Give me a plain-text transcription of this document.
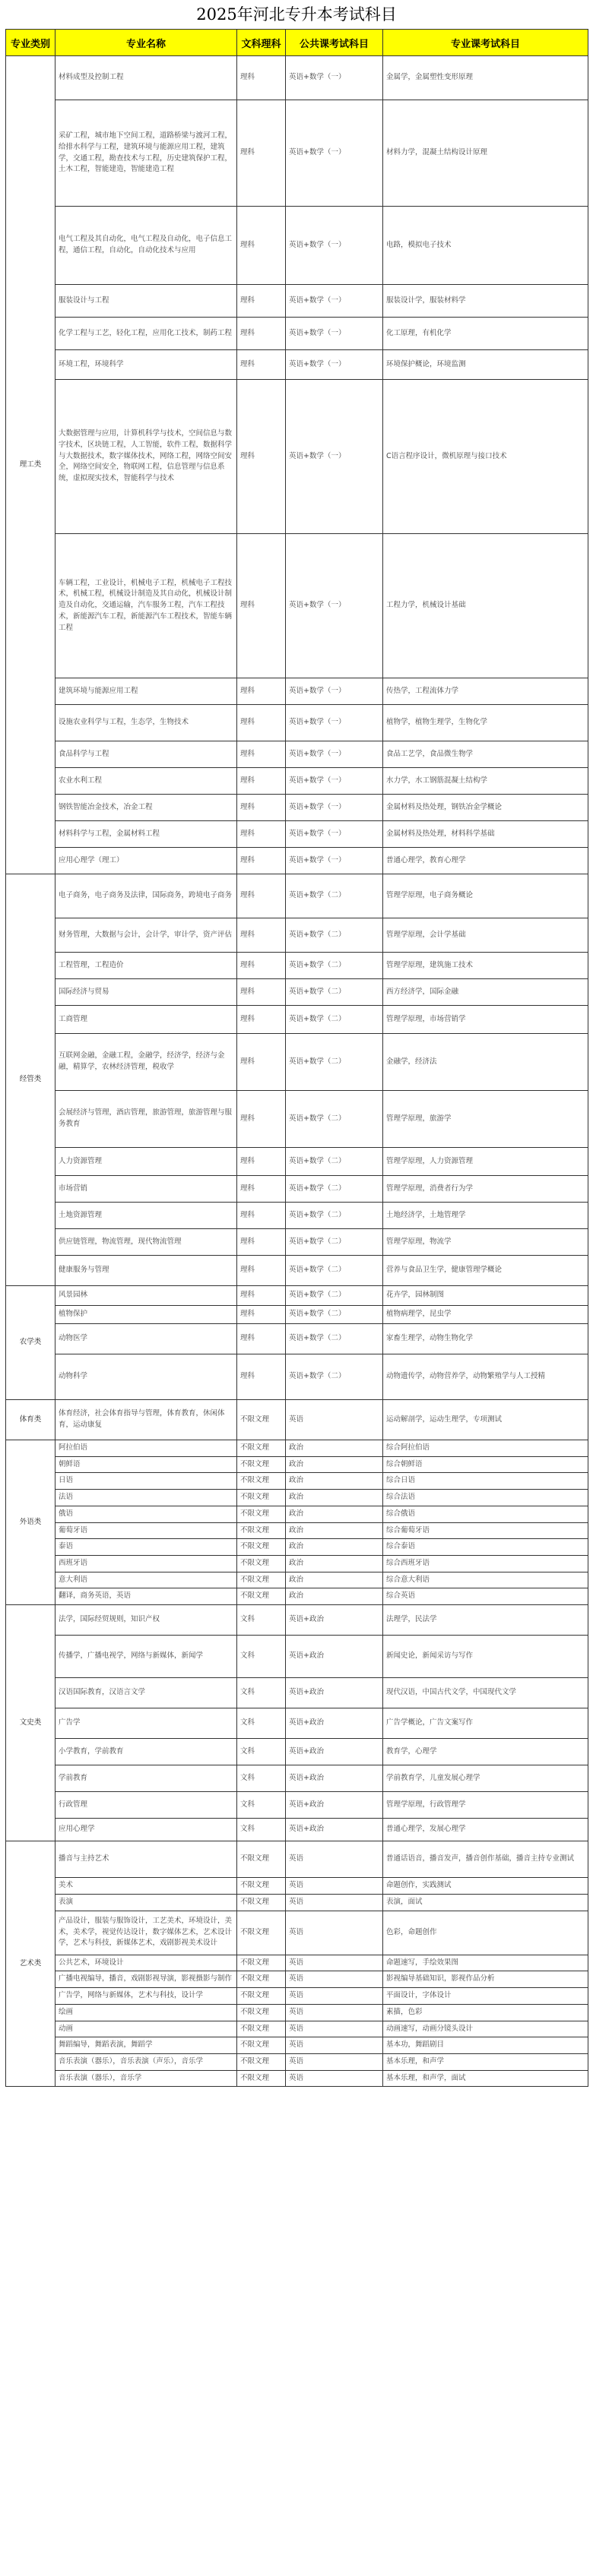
2025年河北专升本考试科目
专业类别	专业名称	文科理科	公共课考试科目	专业课考试科目
理工类	材料成型及控制工程	理科	英语+数学（一）	金属学，金属塑性变形原理
	采矿工程，城市地下空间工程，道路桥梁与渡河工程，给排水科学与工程，建筑环境与能源应用工程，建筑学，交通工程，勘查技术与工程，历史建筑保护工程，土木工程，智能建造，智能建造工程	理科	英语+数学（一）	材料力学，混凝土结构设计原理
	电气工程及其自动化，电气工程及自动化，电子信息工程，通信工程，自动化，自动化技术与应用	理科	英语+数学（一）	电路，模拟电子技术
	服装设计与工程	理科	英语+数学（一）	服装设计学，服装材料学
	化学工程与工艺，轻化工程，应用化工技术，制药工程	理科	英语+数学（一）	化工原理，有机化学
	环境工程，环境科学	理科	英语+数学（一）	环境保护概论，环境监测
	大数据管理与应用，计算机科学与技术，空间信息与数字技术，区块链工程，人工智能，软件工程，数据科学与大数据技术，数字媒体技术，网络工程，网络空间安全，网络空间安全，物联网工程，信息管理与信息系统，虚拟现实技术，智能科学与技术	理科	英语+数学（一）	C语言程序设计，微机原理与接口技术
	车辆工程，工业设计，机械电子工程，机械电子工程技术，机械工程，机械设计制造及其自动化，机械设计制造及自动化，交通运输，汽车服务工程，汽车工程技术，新能源汽车工程，新能源汽车工程技术，智能车辆工程	理科	英语+数学（一）	工程力学，机械设计基础
	建筑环境与能源应用工程	理科	英语+数学（一）	传热学，工程流体力学
	设施农业科学与工程，生态学，生物技术	理科	英语+数学（一）	植物学，植物生理学，生物化学
	食品科学与工程	理科	英语+数学（一）	食品工艺学，食品微生物学
	农业水利工程	理科	英语+数学（一）	水力学，水工钢筋混凝土结构学
	钢铁智能冶金技术，冶金工程	理科	英语+数学（一）	金属材料及热处理，钢铁冶金学概论
	材料科学与工程，金属材料工程	理科	英语+数学（一）	金属材料及热处理，材料科学基础
	应用心理学（理工）	理科	英语+数学（一）	普通心理学，教育心理学
经管类	电子商务，电子商务及法律，国际商务，跨境电子商务	理科	英语+数学（二）	管理学原理，电子商务概论
	财务管理，大数据与会计，会计学，审计学，资产评估	理科	英语+数学（二）	管理学原理，会计学基础
	工程管理，工程造价	理科	英语+数学（二）	管理学原理，建筑施工技术
	国际经济与贸易	理科	英语+数学（二）	西方经济学，国际金融
	工商管理	理科	英语+数学（二）	管理学原理，市场营销学
	互联网金融，金融工程，金融学，经济学，经济与金融，精算学，农林经济管理，税收学	理科	英语+数学（二）	金融学，经济法
	会展经济与管理，酒店管理，旅游管理，旅游管理与服务教育	理科	英语+数学（二）	管理学原理，旅游学
	人力资源管理	理科	英语+数学（二）	管理学原理，人力资源管理
	市场营销	理科	英语+数学（二）	管理学原理，消费者行为学
	土地资源管理	理科	英语+数学（二）	土地经济学，土地管理学
	供应链管理，物流管理，现代物流管理	理科	英语+数学（二）	管理学原理，物流学
	健康服务与管理	理科	英语+数学（二）	营养与食品卫生学，健康管理学概论
农学类	风景园林	理科	英语+数学（二）	花卉学，园林制图
	植物保护	理科	英语+数学（二）	植物病理学，昆虫学
	动物医学	理科	英语+数学（二）	家畜生理学，动物生物化学
	动物科学	理科	英语+数学（二）	动物遗传学，动物营养学，动物繁殖学与人工授精
体育类	体育经济，社会体育指导与管理，体育教育，休闲体育，运动康复	不限文理	英语	运动解剖学，运动生理学，专项测试
外语类	阿拉伯语	不限文理	政治	综合阿拉伯语
	朝鲜语	不限文理	政治	综合朝鲜语
	日语	不限文理	政治	综合日语
	法语	不限文理	政治	综合法语
	俄语	不限文理	政治	综合俄语
	葡萄牙语	不限文理	政治	综合葡萄牙语
	泰语	不限文理	政治	综合泰语
	西班牙语	不限文理	政治	综合西班牙语
	意大利语	不限文理	政治	综合意大利语
	翻译，商务英语，英语	不限文理	政治	综合英语
文史类	法学，国际经贸规则，知识产权	文科	英语+政治	法理学，民法学
	传播学，广播电视学，网络与新媒体，新闻学	文科	英语+政治	新闻史论，新闻采访与写作
	汉语国际教育，汉语言文学	文科	英语+政治	现代汉语，中国古代文学，中国现代文学
	广告学	文科	英语+政治	广告学概论，广告文案写作
	小学教育，学前教育	文科	英语+政治	教育学，心理学
	学前教育	文科	英语+政治	学前教育学，儿童发展心理学
	行政管理	文科	英语+政治	管理学原理，行政管理学
	应用心理学	文科	英语+政治	普通心理学，发展心理学
艺术类	播音与主持艺术	不限文理	英语	普通话语音，播音发声，播音创作基础，播音主持专业测试
	美术	不限文理	英语	命题创作，实践测试
	表演	不限文理	英语	表演，面试
	产品设计，服装与服饰设计，工艺美术，环境设计，美术，美术学，视觉传达设计，数字媒体艺术，艺术设计学，艺术与科技，新媒体艺术，戏剧影视美术设计	不限文理	英语	色彩，命题创作
	公共艺术，环境设计	不限文理	英语	命题速写，手绘效果图
	广播电视编导，播音，戏剧影视导演，影视摄影与制作	不限文理	英语	影视编导基础知识，影视作品分析
	广告学，网络与新媒体，艺术与科技，设计学	不限文理	英语	平面设计，字体设计
	绘画	不限文理	英语	素描，色彩
	动画	不限文理	英语	动画速写，动画分镜头设计
	舞蹈编导，舞蹈表演，舞蹈学	不限文理	英语	基本功，舞蹈剧目
	音乐表演（器乐），音乐表演（声乐），音乐学	不限文理	英语	基本乐理，和声学
	音乐表演（器乐），音乐学	不限文理	英语	基本乐理，和声学，面试
